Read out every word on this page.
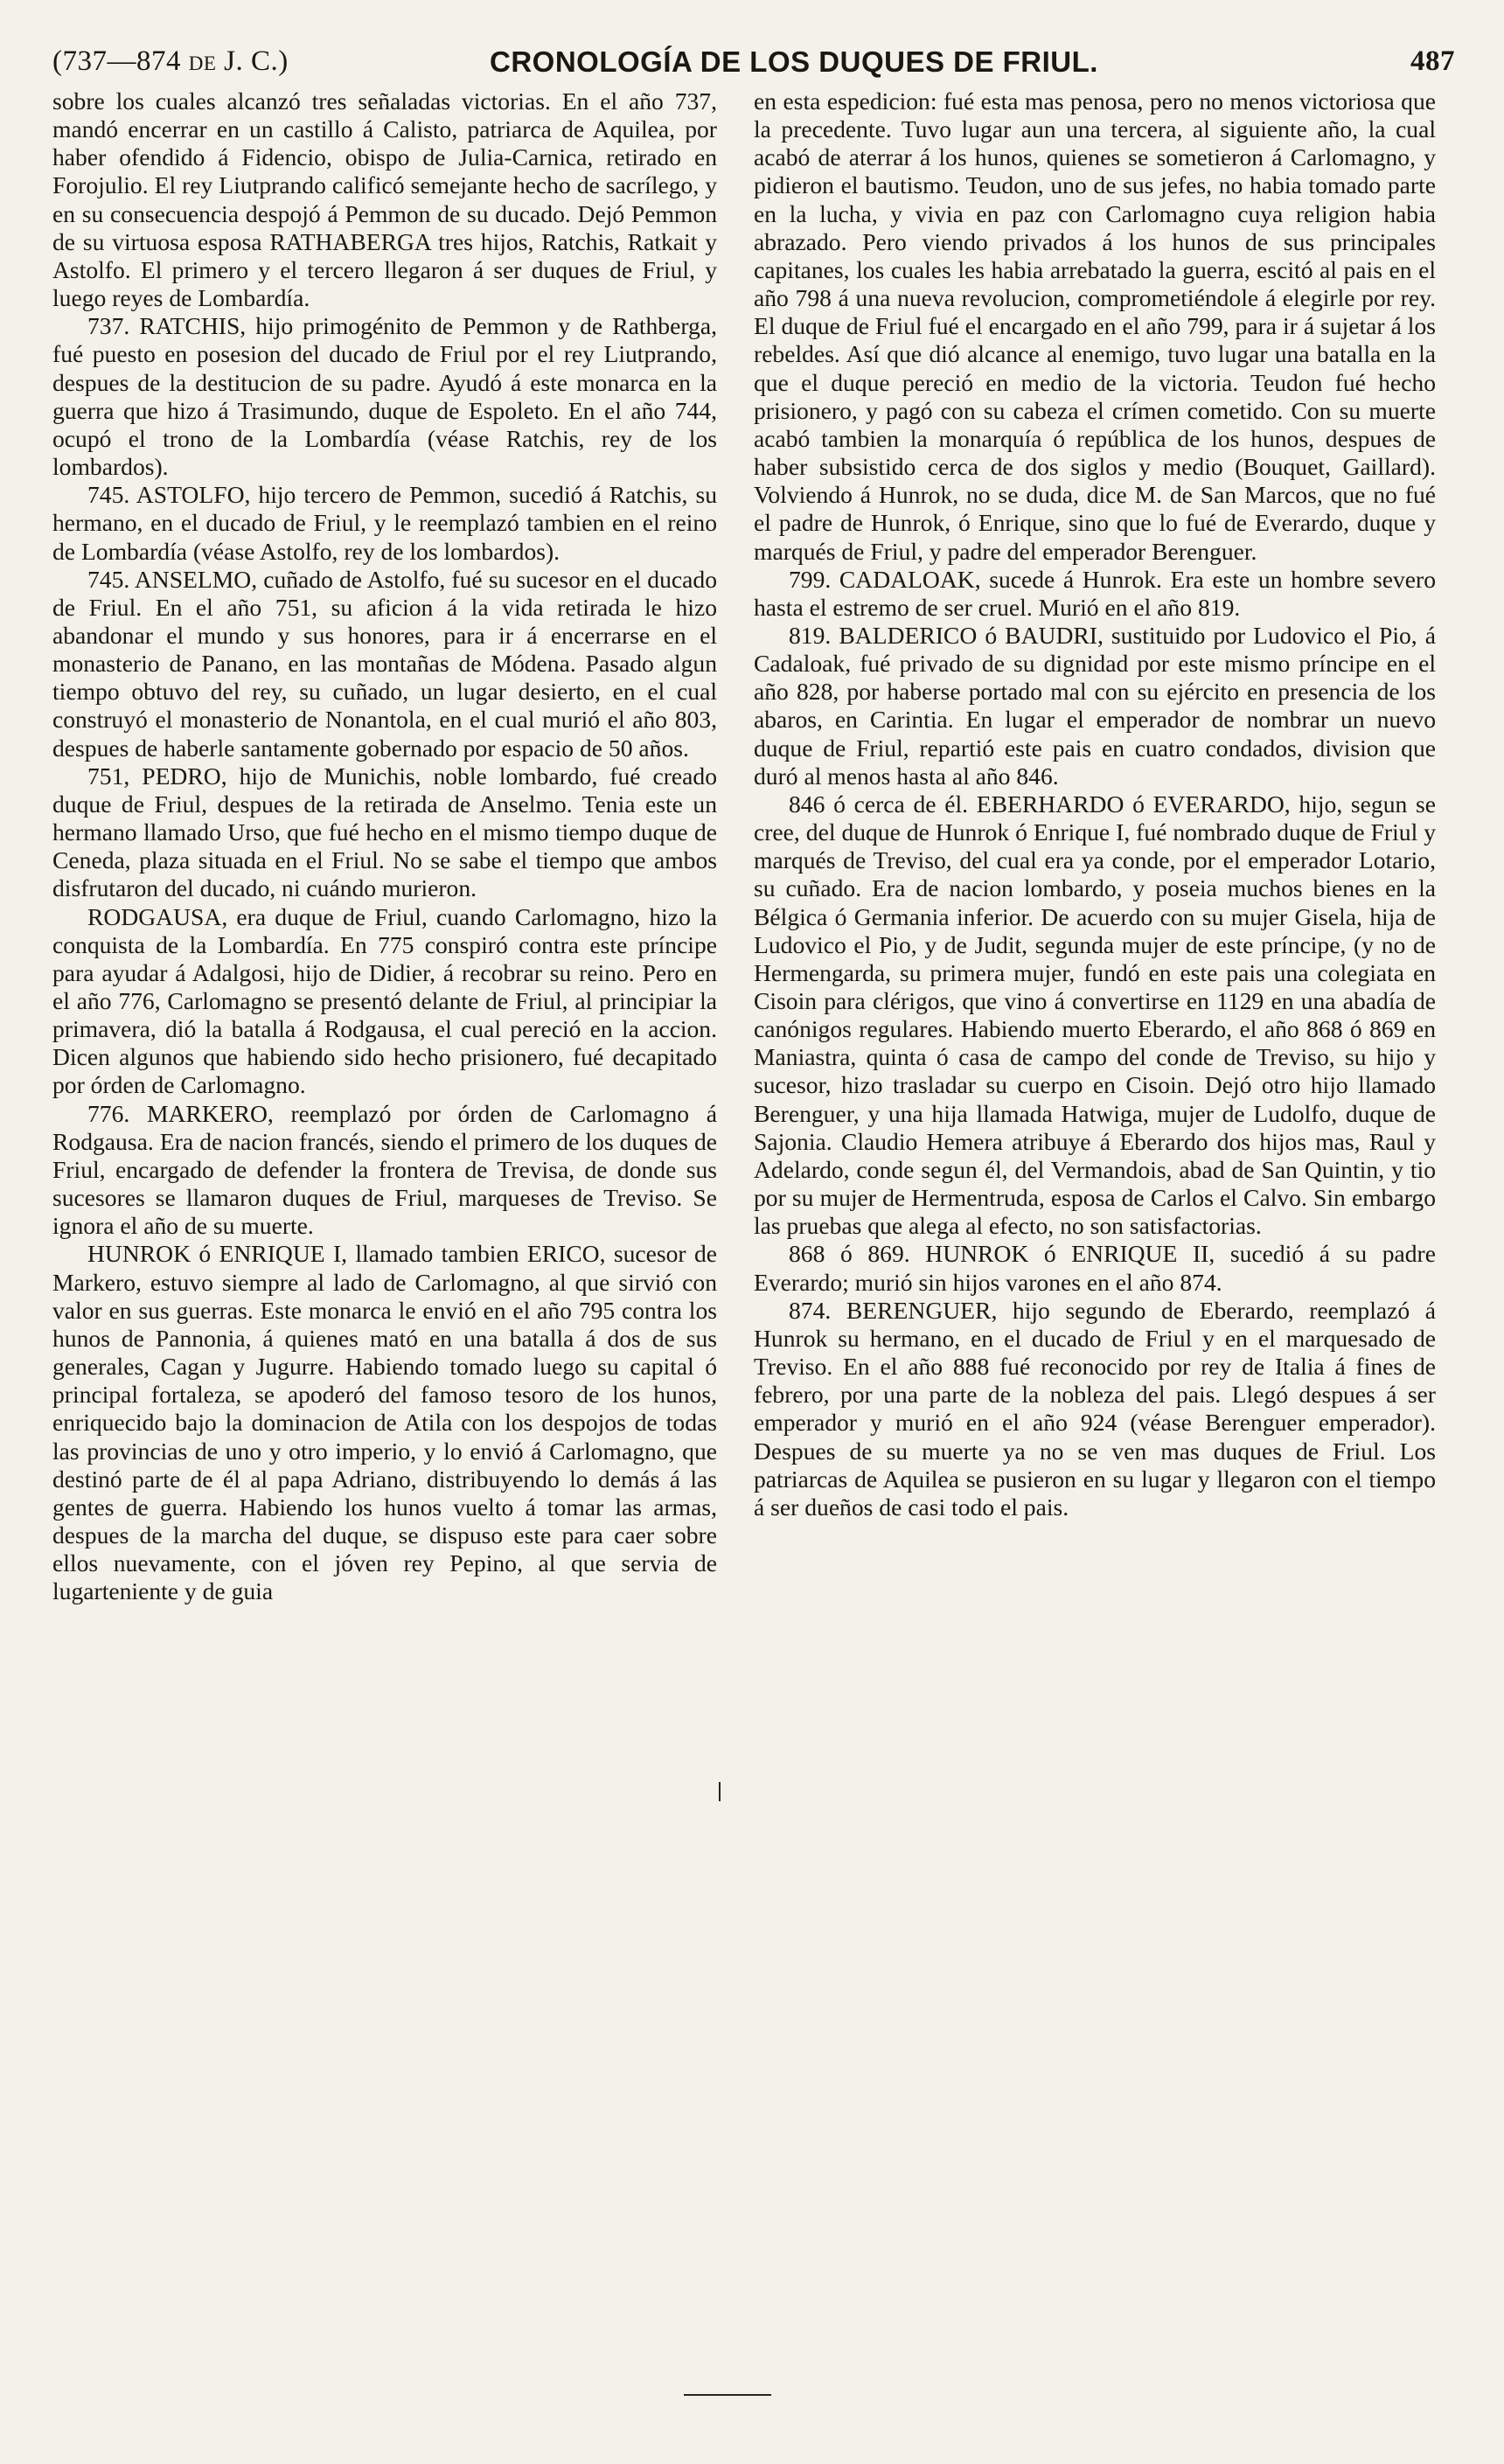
(737—874 de J. C.)	CRONOLOGÍA DE LOS DUQUES DE FRIUL.	487

sobre los cuales alcanzó tres señaladas victorias. En el año 737, mandó encerrar en un castillo á Calisto, patriarca de Aquilea, por haber ofendido á Fidencio, obispo de Julia-Carnica, retirado en Forojulio. El rey Liutprando calificó semejante hecho de sacrílego, y en su consecuencia despojó á Pemmon de su ducado. Dejó Pemmon de su virtuosa esposa RATHABERGA tres hijos, Ratchis, Ratkait y Astolfo. El primero y el tercero llegaron á ser duques de Friul, y luego reyes de Lombardía.

737. RATCHIS, hijo primogénito de Pemmon y de Rathberga, fué puesto en posesion del ducado de Friul por el rey Liutprando, despues de la destitucion de su padre. Ayudó á este monarca en la guerra que hizo á Trasimundo, duque de Espoleto. En el año 744, ocupó el trono de la Lombardía (véase Ratchis, rey de los lombardos).

745. ASTOLFO, hijo tercero de Pemmon, sucedió á Ratchis, su hermano, en el ducado de Friul, y le reemplazó tambien en el reino de Lombardía (véase Astolfo, rey de los lombardos).

745. ANSELMO, cuñado de Astolfo, fué su sucesor en el ducado de Friul. En el año 751, su aficion á la vida retirada le hizo abandonar el mundo y sus honores, para ir á encerrarse en el monasterio de Panano, en las montañas de Módena. Pasado algun tiempo obtuvo del rey, su cuñado, un lugar desierto, en el cual construyó el monasterio de Nonantola, en el cual murió el año 803, despues de haberle santamente gobernado por espacio de 50 años.

751, PEDRO, hijo de Munichis, noble lombardo, fué creado duque de Friul, despues de la retirada de Anselmo. Tenia este un hermano llamado Urso, que fué hecho en el mismo tiempo duque de Ceneda, plaza situada en el Friul. No se sabe el tiempo que ambos disfrutaron del ducado, ni cuándo murieron.

RODGAUSA, era duque de Friul, cuando Carlomagno, hizo la conquista de la Lombardía. En 775 conspiró contra este príncipe para ayudar á Adalgosi, hijo de Didier, á recobrar su reino. Pero en el año 776, Carlomagno se presentó delante de Friul, al principiar la primavera, dió la batalla á Rodgausa, el cual pereció en la accion. Dicen algunos que habiendo sido hecho prisionero, fué decapitado por órden de Carlomagno.

776. MARKERO, reemplazó por órden de Carlomagno á Rodgausa. Era de nacion francés, siendo el primero de los duques de Friul, encargado de defender la frontera de Trevisa, de donde sus sucesores se llamaron duques de Friul, marqueses de Treviso. Se ignora el año de su muerte.

HUNROK ó ENRIQUE I, llamado tambien ERICO, sucesor de Markero, estuvo siempre al lado de Carlomagno, al que sirvió con valor en sus guerras. Este monarca le envió en el año 795 contra los hunos de Pannonia, á quienes mató en una batalla á dos de sus generales, Cagan y Jugurre. Habiendo tomado luego su capital ó principal fortaleza, se apoderó del famoso tesoro de los hunos, enriquecido bajo la dominacion de Atila con los despojos de todas las provincias de uno y otro imperio, y lo envió á Carlomagno, que destinó parte de él al papa Adriano, distribuyendo lo demás á las gentes de guerra. Habiendo los hunos vuelto á tomar las armas, despues de la marcha del duque, se dispuso este para caer sobre ellos nuevamente, con el jóven rey Pepino, al que servia de lugarteniente y de guia

en esta espedicion: fué esta mas penosa, pero no menos victoriosa que la precedente. Tuvo lugar aun una tercera, al siguiente año, la cual acabó de aterrar á los hunos, quienes se sometieron á Carlomagno, y pidieron el bautismo. Teudon, uno de sus jefes, no habia tomado parte en la lucha, y vivia en paz con Carlomagno cuya religion habia abrazado. Pero viendo privados á los hunos de sus principales capitanes, los cuales les habia arrebatado la guerra, escitó al pais en el año 798 á una nueva revolucion, comprometiéndole á elegirle por rey. El duque de Friul fué el encargado en el año 799, para ir á sujetar á los rebeldes. Así que dió alcance al enemigo, tuvo lugar una batalla en la que el duque pereció en medio de la victoria. Teudon fué hecho prisionero, y pagó con su cabeza el crímen cometido. Con su muerte acabó tambien la monarquía ó república de los hunos, despues de haber subsistido cerca de dos siglos y medio (Bouquet, Gaillard). Volviendo á Hunrok, no se duda, dice M. de San Marcos, que no fué el padre de Hunrok, ó Enrique, sino que lo fué de Everardo, duque y marqués de Friul, y padre del emperador Berenguer.

799. CADALOAK, sucede á Hunrok. Era este un hombre severo hasta el estremo de ser cruel. Murió en el año 819.

819. BALDERICO ó BAUDRI, sustituido por Ludovico el Pio, á Cadaloak, fué privado de su dignidad por este mismo príncipe en el año 828, por haberse portado mal con su ejército en presencia de los abaros, en Carintia. En lugar el emperador de nombrar un nuevo duque de Friul, repartió este pais en cuatro condados, division que duró al menos hasta al año 846.

846 ó cerca de él. EBERHARDO ó EVERARDO, hijo, segun se cree, del duque de Hunrok ó Enrique I, fué nombrado duque de Friul y marqués de Treviso, del cual era ya conde, por el emperador Lotario, su cuñado. Era de nacion lombardo, y poseia muchos bienes en la Bélgica ó Germania inferior. De acuerdo con su mujer Gisela, hija de Ludovico el Pio, y de Judit, segunda mujer de este príncipe, (y no de Hermengarda, su primera mujer, fundó en este pais una colegiata en Cisoin para clérigos, que vino á convertirse en 1129 en una abadía de canónigos regulares. Habiendo muerto Eberardo, el año 868 ó 869 en Maniastra, quinta ó casa de campo del conde de Treviso, su hijo y sucesor, hizo trasladar su cuerpo en Cisoin. Dejó otro hijo llamado Berenguer, y una hija llamada Hatwiga, mujer de Ludolfo, duque de Sajonia. Claudio Hemera atribuye á Eberardo dos hijos mas, Raul y Adelardo, conde segun él, del Vermandois, abad de San Quintin, y tio por su mujer de Hermentruda, esposa de Carlos el Calvo. Sin embargo las pruebas que alega al efecto, no son satisfactorias.

868 ó 869. HUNROK ó ENRIQUE II, sucedió á su padre Everardo; murió sin hijos varones en el año 874.

874. BERENGUER, hijo segundo de Eberardo, reemplazó á Hunrok su hermano, en el ducado de Friul y en el marquesado de Treviso. En el año 888 fué reconocido por rey de Italia á fines de febrero, por una parte de la nobleza del pais. Llegó despues á ser emperador y murió en el año 924 (véase Berenguer emperador). Despues de su muerte ya no se ven mas duques de Friul. Los patriarcas de Aquilea se pusieron en su lugar y llegaron con el tiempo á ser dueños de casi todo el pais.
